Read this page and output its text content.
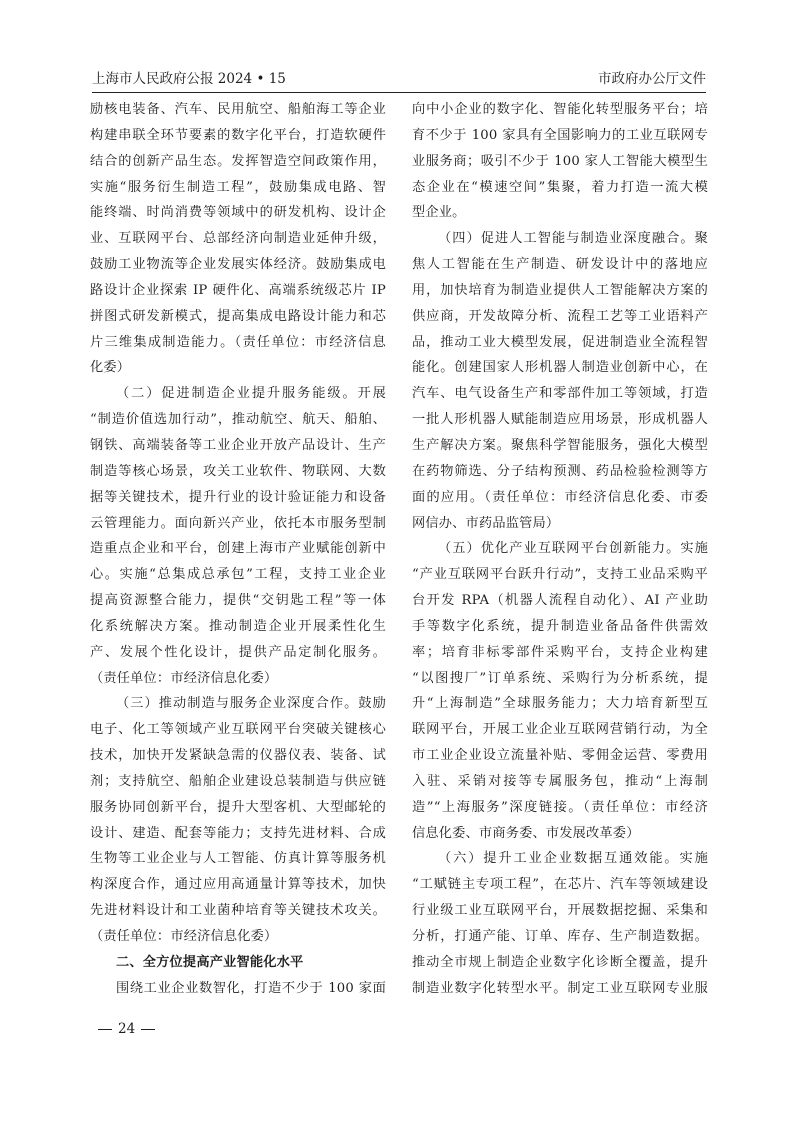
上海市人民政府公报 2024 • 15	市政府办公厅文件
励核电装备、汽车、民用航空、船舶海工等企业
构建串联全环节要素的数字化平台，打造软硬件
结合的创新产品生态。发挥智造空间政策作用，
实施“服务衍生制造工程”，鼓励集成电路、智
能终端、时尚消费等领域中的研发机构、设计企
业、互联网平台、总部经济向制造业延伸升级，
鼓励工业物流等企业发展实体经济。鼓励集成电
路设计企业探索 IP 硬件化、高端系统级芯片 IP
拼图式研发新模式，提高集成电路设计能力和芯
片三维集成制造能力。（责任单位：市经济信息
化委）
（二）促进制造企业提升服务能级。开展
“制造价值选加行动”，推动航空、航天、船舶、
钢铁、高端装备等工业企业开放产品设计、生产
制造等核心场景，攻关工业软件、物联网、大数
据等关键技术，提升行业的设计验证能力和设备
云管理能力。面向新兴产业，依托本市服务型制
造重点企业和平台，创建上海市产业赋能创新中
心。实施“总集成总承包”工程，支持工业企业
提高资源整合能力，提供“交钥匙工程”等一体
化系统解决方案。推动制造企业开展柔性化生
产、发展个性化设计，提供产品定制化服务。
（责任单位：市经济信息化委）
（三）推动制造与服务企业深度合作。鼓励
电子、化工等领域产业互联网平台突破关键核心
技术，加快开发紧缺急需的仪器仪表、装备、试
剂；支持航空、船舶企业建设总装制造与供应链
服务协同创新平台，提升大型客机、大型邮轮的
设计、建造、配套等能力；支持先进材料、合成
生物等工业企业与人工智能、仿真计算等服务机
构深度合作，通过应用高通量计算等技术，加快
先进材料设计和工业菌种培育等关键技术攻关。
（责任单位：市经济信息化委）
二、全方位提高产业智能化水平
围绕工业企业数智化，打造不少于 100 家面
向中小企业的数字化、智能化转型服务平台；培
育不少于 100 家具有全国影响力的工业互联网专
业服务商；吸引不少于 100 家人工智能大模型生
态企业在“模速空间”集聚，着力打造一流大模
型企业。
（四）促进人工智能与制造业深度融合。聚
焦人工智能在生产制造、研发设计中的落地应
用，加快培育为制造业提供人工智能解决方案的
供应商，开发故障分析、流程工艺等工业语料产
品，推动工业大模型发展，促进制造业全流程智
能化。创建国家人形机器人制造业创新中心，在
汽车、电气设备生产和零部件加工等领域，打造
一批人形机器人赋能制造应用场景，形成机器人
生产解决方案。聚焦科学智能服务，强化大模型
在药物筛选、分子结构预测、药品检验检测等方
面的应用。（责任单位：市经济信息化委、市委
网信办、市药品监管局）
（五）优化产业互联网平台创新能力。实施
“产业互联网平台跃升行动”，支持工业品采购平
台开发 RPA（机器人流程自动化）、AI 产业助
手等数字化系统，提升制造业备品备件供需效
率；培育非标零部件采购平台，支持企业构建
“以图搜厂”订单系统、采购行为分析系统，提
升“上海制造”全球服务能力；大力培育新型互
联网平台，开展工业企业互联网营销行动，为全
市工业企业设立流量补贴、零佣金运营、零费用
入驻、采销对接等专属服务包，推动“上海制
造”“上海服务”深度链接。（责任单位：市经济
信息化委、市商务委、市发展改革委）
（六）提升工业企业数据互通效能。实施
“工赋链主专项工程”，在芯片、汽车等领域建设
行业级工业互联网平台，开展数据挖掘、采集和
分析，打通产能、订单、库存、生产制造数据。
推动全市规上制造企业数字化诊断全覆盖，提升
制造业数字化转型水平。制定工业互联网专业服
24
